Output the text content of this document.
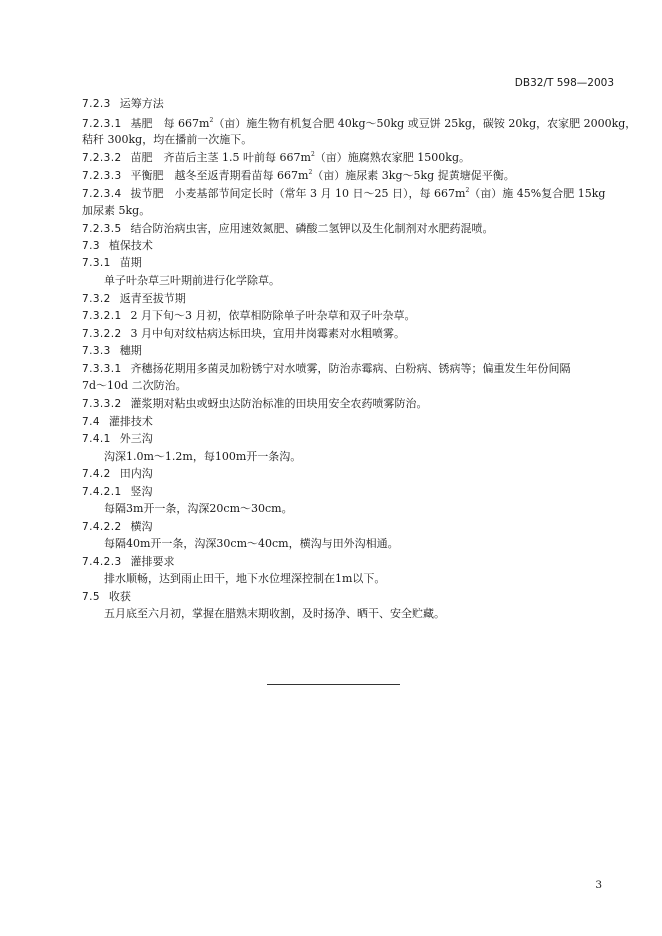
DB32/T 598—2003
7.2.3 运筹方法
7.2.3.1 基肥　每 $667m^2$（亩）施生物有机复合肥 40kg～50kg 或豆饼 25kg，碳铵 20kg，农家肥 2000kg，
秸秆 300kg，均在播前一次施下。
7.2.3.2 苗肥　齐苗后主茎 1.5 叶前每 $667m^2$（亩）施腐熟农家肥 1500kg。
7.2.3.3 平衡肥　越冬至返青期看苗每 $667m^2$（亩）施尿素 3kg～5kg 捉黄塘促平衡。
7.2.3.4 拔节肥　小麦基部节间定长时（常年 3 月 10 日～25 日），每 $667m^2$（亩）施 45%复合肥 15kg
加尿素 5kg。
7.2.3.5 结合防治病虫害，应用速效氮肥、磷酸二氢钾以及生化制剂对水肥药混喷。
7.3 植保技术
7.3.1 苗期
单子叶杂草三叶期前进行化学除草。
7.3.2 返青至拔节期
7.3.2.1 2 月下旬～3 月初，依草相防除单子叶杂草和双子叶杂草。
7.3.2.2 3 月中旬对纹枯病达标田块，宜用井岗霉素对水粗喷雾。
7.3.3 穗期
7.3.3.1 齐穗扬花期用多菌灵加粉锈宁对水喷雾，防治赤霉病、白粉病、锈病等；偏重发生年份间隔
7d～10d 二次防治。
7.3.3.2 灌浆期对粘虫或蚜虫达防治标准的田块用安全农药喷雾防治。
7.4 灌排技术
7.4.1 外三沟
沟深1.0m～1.2m，每100m开一条沟。
7.4.2 田内沟
7.4.2.1 竖沟
每隔3m开一条，沟深20cm～30cm。
7.4.2.2 横沟
每隔40m开一条，沟深30cm～40cm，横沟与田外沟相通。
7.4.2.3 灌排要求
排水顺畅，达到雨止田干，地下水位埋深控制在1m以下。
7.5 收获
五月底至六月初，掌握在腊熟末期收割，及时扬净、晒干、安全贮藏。
3
